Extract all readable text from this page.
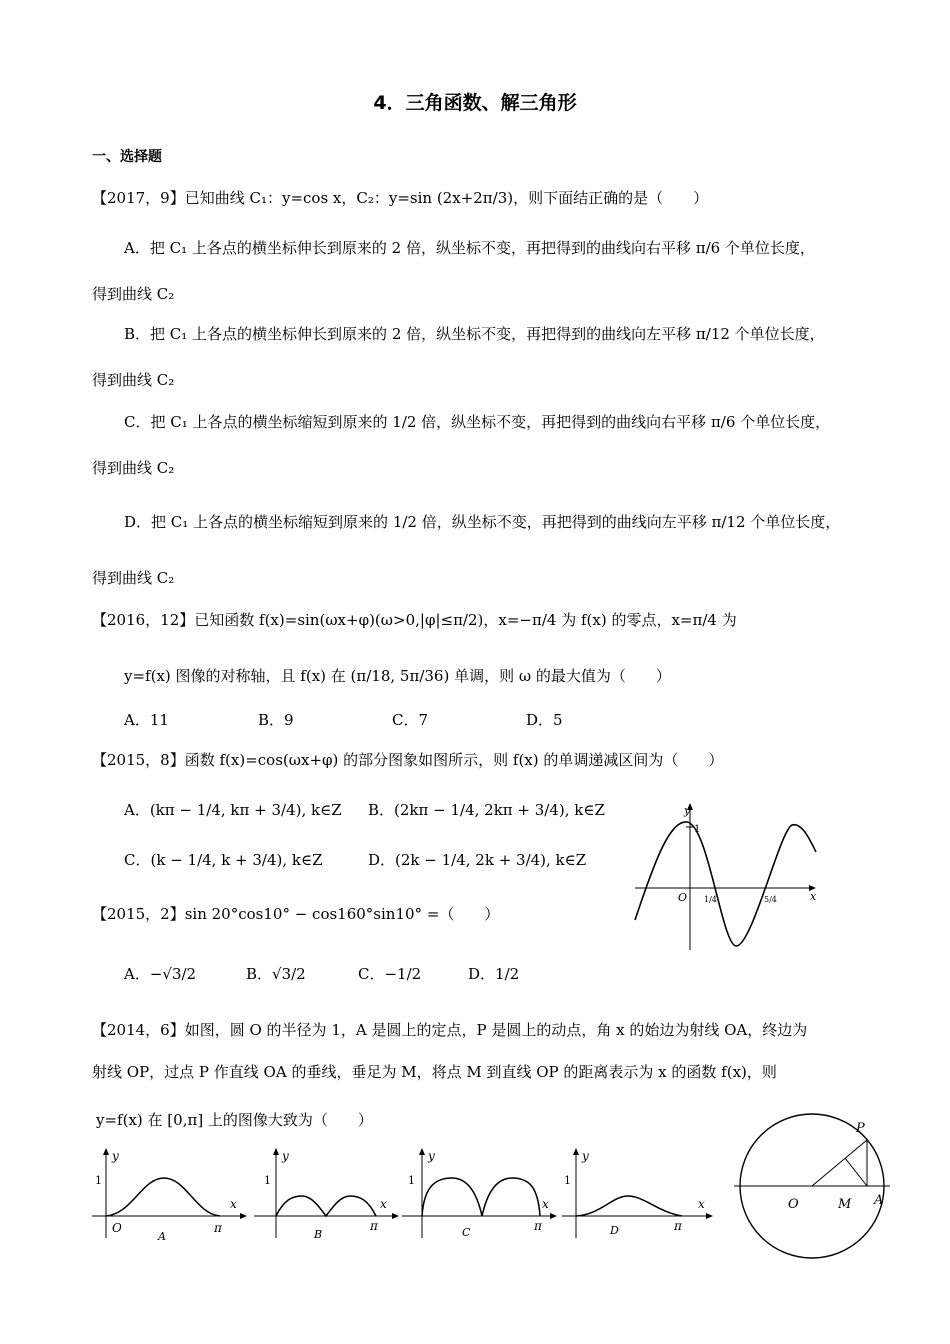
4．三角函数、解三角形
一、选择题
【2017，9】已知曲线 C₁：y=cos x，C₂：y=sin (2x+2π/3)，则下面结正确的是（　　）
A．把 C₁ 上各点的横坐标伸长到原来的 2 倍，纵坐标不变，再把得到的曲线向右平移 π/6 个单位长度，
得到曲线 C₂
B．把 C₁ 上各点的横坐标伸长到原来的 2 倍，纵坐标不变，再把得到的曲线向左平移 π/12 个单位长度，
得到曲线 C₂
C．把 C₁ 上各点的横坐标缩短到原来的 1/2 倍，纵坐标不变，再把得到的曲线向右平移 π/6 个单位长度，
得到曲线 C₂
D．把 C₁ 上各点的横坐标缩短到原来的 1/2 倍，纵坐标不变，再把得到的曲线向左平移 π/12 个单位长度，
得到曲线 C₂
【2016，12】已知函数 f(x)=sin(ωx+φ)(ω>0,|φ|≤π/2)，x=−π/4 为 f(x) 的零点，x=π/4 为
y=f(x) 图像的对称轴，且 f(x) 在 (π/18, 5π/36) 单调，则 ω 的最大值为（　　）
A．11	B．9	C．7	D．5
【2015，8】函数 f(x)=cos(ωx+φ) 的部分图象如图所示，则 f(x) 的单调递减区间为（　　）
A．(kπ − 1/4, kπ + 3/4), k∈Z B．(2kπ − 1/4, 2kπ + 3/4), k∈Z
C．(k − 1/4, k + 3/4), k∈Z	D．(2k − 1/4, 2k + 3/4), k∈Z
y
1
O 1/4	5/4	x
【2015，2】sin 20°cos10° − cos160°sin10° =（　　）
A．−√3/2	B．√3/2	C．−1/2	D．1/2
【2014，6】如图，圆 O 的半径为 1，A 是圆上的定点，P 是圆上的动点，角 x 的始边为射线 OA，终边为
射线 OP，过点 P 作直线 OA 的垂线，垂足为 M，将点 M 到直线 OP 的距离表示为 x 的函数 f(x)，则
y=f(x) 在 [0,π] 上的图像大致为（　　）
y
1
x
O	π
A
y
1
x
π
B
y
1
x
π
C
y
1
x
π
D
P
O	M A
